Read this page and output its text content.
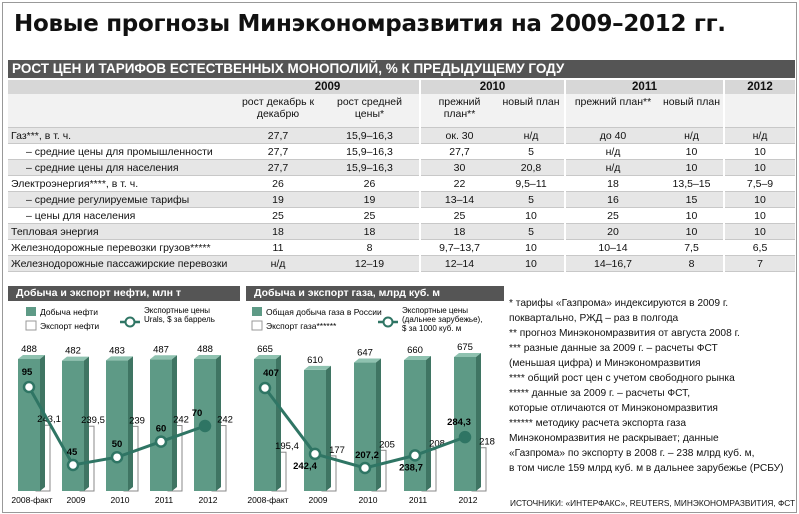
Новые прогнозы Минэкономразвития на 2009–2012 гг.
РОСТ ЦЕН И ТАРИФОВ ЕСТЕСТВЕННЫХ МОНОПОЛИЙ, % К ПРЕДЫДУЩЕМУ ГОДУ
	2009		2010		2011		2012
	рост декабрь к декабрю	рост средней цены*	прежний план**	новый план	прежний план**	новый план	
Газ***, в т. ч.	27,7	15,9–16,3	ок. 30	н/д	до 40	н/д	н/д
– средние цены для промышленности	27,7	15,9–16,3	27,7	5	н/д	10	10
– средние цены для населения	27,7	15,9–16,3	30	20,8	н/д	10	10
Электроэнергия****, в т. ч.	26	26	22	9,5–11	18	13,5–15	7,5–9
– средние регулируемые тарифы	19	19	13–14	5	16	15	10
– цены для населения	25	25	25	10	25	10	10
Тепловая энергия	18	18	18	5	20	10	10
Железнодорожные перевозки грузов*****	11	8	9,7–13,7	10	10–14	7,5	6,5
Железнодорожные пассажирские перевозки	н/д	12–19	12–14	10	14–16,7	8	7
Добыча и экспорт нефти, млн т
Добыча нефти
Экспорт нефти
Экспортные цены
Urals, $ за баррель
488
243,1
2008-факт
482
239,5
2009
483
239
2010
487
242
2011
488
242
2012
95
45
50
60
70
Добыча и экспорт газа, млрд куб. м
Общая добыча газа в России
Экспорт газа******
Экспортные цены
(дальнее зарубежье),
$ за 1000 куб. м
665
195,4
2008-факт
610
177
2009
647
205
2010
660
208
2011
675
218
2012
407
242,4
207,2
238,7
284,3
* тарифы «Газпрома» индексируются в 2009 г.
поквартально, РЖД – раз в полгода
** прогноз Минэкономразвития от августа 2008 г.
*** разные данные за 2009 г. – расчеты ФСТ
(меньшая цифра) и Минэкономразвития
**** общий рост цен с учетом свободного рынка
***** данные за 2009 г. – расчеты ФСТ,
которые отличаются от Минэкономразвития
****** методику расчета экспорта газа
Минэкономразвития не раскрывает; данные
«Газпрома» по экспорту в 2008 г. – 238 млрд куб. м,
в том числе 159 млрд куб. м в дальнее зарубежье (РСБУ)
ИСТОЧНИКИ: «ИНТЕРФАКС», REUTERS, МИНЭКОНОМРАЗВИТИЯ, ФСТ
